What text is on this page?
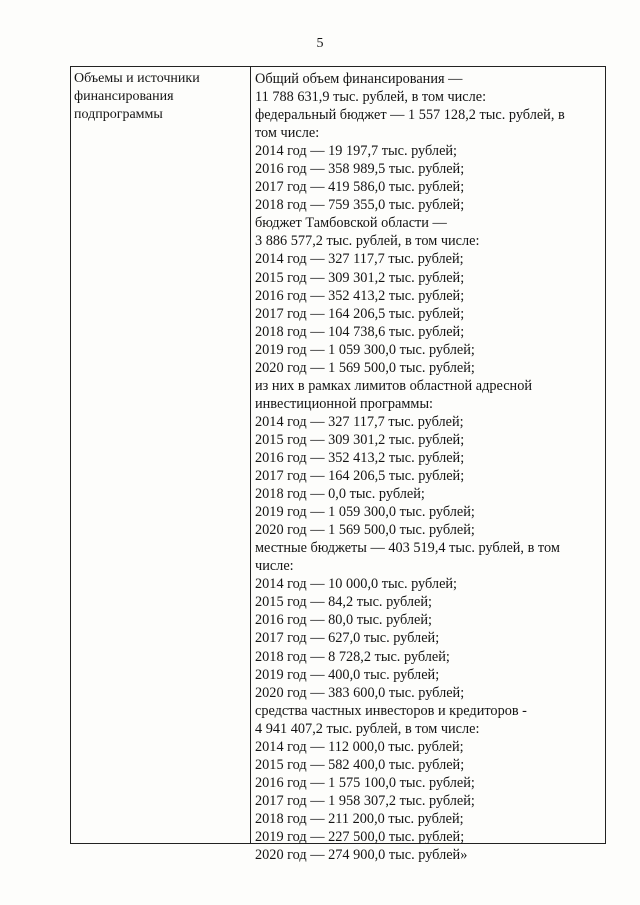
5
Объемы и источники
финансирования
подпрограммы
Общий объем финансирования —
11 788 631,9 тыс. рублей, в том числе:
федеральный бюджет — 1 557 128,2 тыс. рублей, в
том числе:
2014 год — 19 197,7 тыс. рублей;
2016 год — 358 989,5 тыс. рублей;
2017 год — 419 586,0 тыс. рублей;
2018 год — 759 355,0 тыс. рублей;
бюджет Тамбовской области —
3 886 577,2 тыс. рублей, в том числе:
2014 год — 327 117,7 тыс. рублей;
2015 год — 309 301,2 тыс. рублей;
2016 год — 352 413,2 тыс. рублей;
2017 год — 164 206,5 тыс. рублей;
2018 год — 104 738,6 тыс. рублей;
2019 год — 1 059 300,0 тыс. рублей;
2020 год — 1 569 500,0 тыс. рублей;
из них в рамках лимитов областной адресной
инвестиционной программы:
2014 год — 327 117,7 тыс. рублей;
2015 год — 309 301,2 тыс. рублей;
2016 год — 352 413,2 тыс. рублей;
2017 год — 164 206,5 тыс. рублей;
2018 год — 0,0 тыс. рублей;
2019 год — 1 059 300,0 тыс. рублей;
2020 год — 1 569 500,0 тыс. рублей;
местные бюджеты — 403 519,4 тыс. рублей, в том
числе:
2014 год — 10 000,0 тыс. рублей;
2015 год — 84,2 тыс. рублей;
2016 год — 80,0 тыс. рублей;
2017 год — 627,0 тыс. рублей;
2018 год — 8 728,2 тыс. рублей;
2019 год — 400,0 тыс. рублей;
2020 год — 383 600,0 тыс. рублей;
средства частных инвесторов и кредиторов -
4 941 407,2 тыс. рублей, в том числе:
2014 год — 112 000,0 тыс. рублей;
2015 год — 582 400,0 тыс. рублей;
2016 год — 1 575 100,0 тыс. рублей;
2017 год — 1 958 307,2 тыс. рублей;
2018 год — 211 200,0 тыс. рублей;
2019 год — 227 500,0 тыс. рублей;
2020 год — 274 900,0 тыс. рублей»
